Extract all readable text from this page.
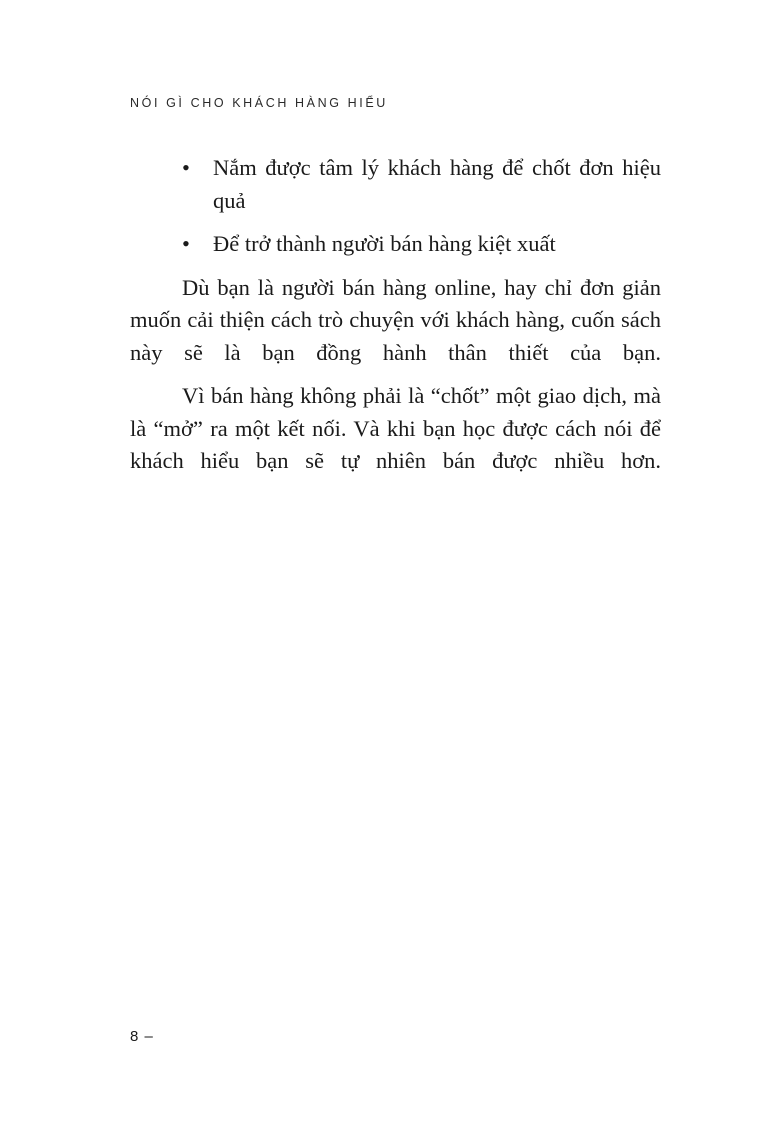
NÓI GÌ CHO KHÁCH HÀNG HIỂU
• Nắm được tâm lý khách hàng để chốt đơn hiệu quả
• Để trở thành người bán hàng kiệt xuất

Dù bạn là người bán hàng online, hay chỉ đơn giản muốn cải thiện cách trò chuyện với khách hàng, cuốn sách này sẽ là bạn đồng hành thân thiết của bạn.

Vì bán hàng không phải là “chốt” một giao dịch, mà là “mở” ra một kết nối. Và khi bạn học được cách nói để khách hiểu bạn sẽ tự nhiên bán được nhiều hơn.

8 –
